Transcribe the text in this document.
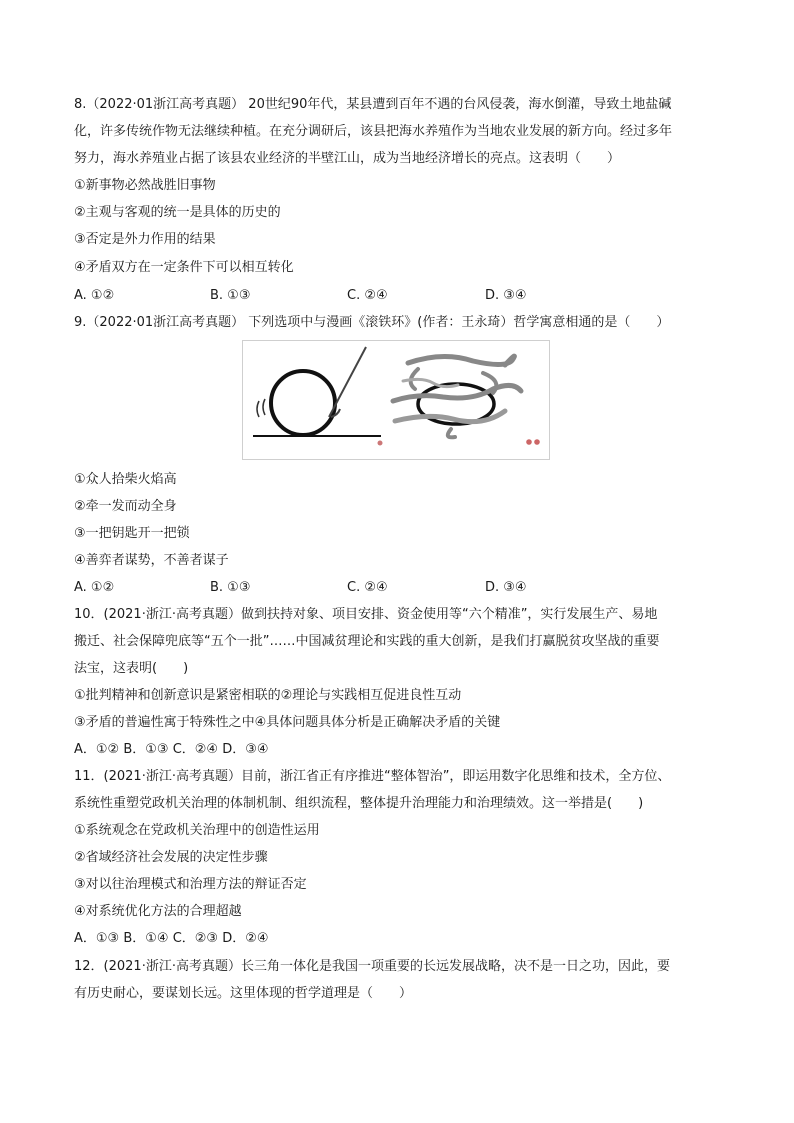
8.（2022·01浙江高考真题） 20世纪90年代，某县遭到百年不遇的台风侵袭，海水倒灌，导致土地盐碱
化，许多传统作物无法继续种植。在充分调研后，该县把海水养殖作为当地农业发展的新方向。经过多年
努力，海水养殖业占据了该县农业经济的半壁江山，成为当地经济增长的亮点。这表明（　　）
①新事物必然战胜旧事物
②主观与客观的统一是具体的历史的
③否定是外力作用的结果
④矛盾双方在一定条件下可以相互转化
A. ①②	B. ①③	C. ②④	D. ③④
9.（2022·01浙江高考真题） 下列选项中与漫画《滚铁环》(作者：王永琦）哲学寓意相通的是（　　）
①众人拾柴火焰高
②牵一发而动全身
③一把钥匙开一把锁
④善弈者谋势，不善者谋子
A. ①②	B. ①③	C. ②④	D. ③④
10．(2021·浙江·高考真题）做到扶持对象、项目安排、资金使用等“六个精准”，实行发展生产、易地
搬迁、社会保障兜底等“五个一批”……中国减贫理论和实践的重大创新，是我们打赢脱贫攻坚战的重要
法宝，这表明(　　)
①批判精神和创新意识是紧密相联的②理论与实践相互促进良性互动
③矛盾的普遍性寓于特殊性之中④具体问题具体分析是正确解决矛盾的关键
A．①② B．①③ C．②④ D．③④
11．(2021·浙江·高考真题）目前，浙江省正有序推进“整体智治”，即运用数字化思维和技术，全方位、
系统性重塑党政机关治理的体制机制、组织流程，整体提升治理能力和治理绩效。这一举措是(　　)
①系统观念在党政机关治理中的创造性运用
②省域经济社会发展的决定性步骤
③对以往治理模式和治理方法的辩证否定
④对系统优化方法的合理超越
A．①③ B．①④ C．②③ D．②④
12．(2021·浙江·高考真题）长三角一体化是我国一项重要的长远发展战略，决不是一日之功，因此，要
有历史耐心，要谋划长远。这里体现的哲学道理是（　　）
